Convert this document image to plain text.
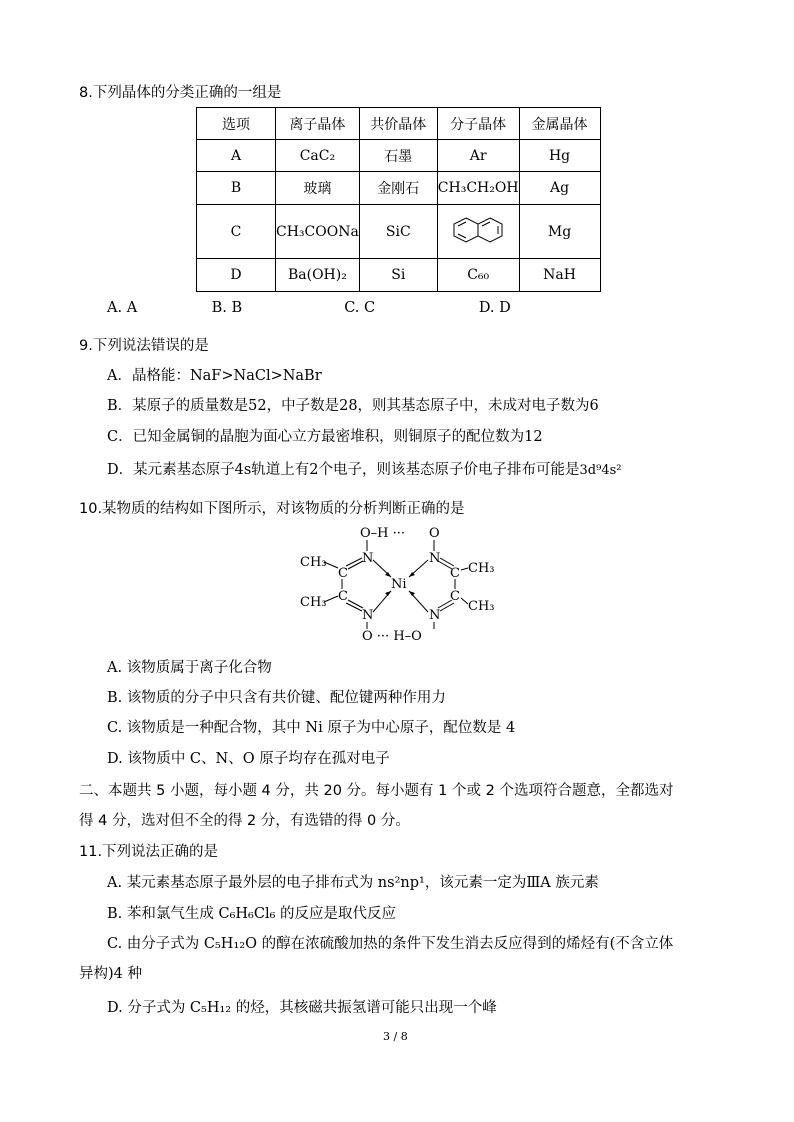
8.下列晶体的分类正确的一组是
选项	离子晶体	共价晶体	分子晶体	金属晶体
A	CaC₂	石墨	Ar	Hg
B	玻璃	金刚石	CH₃CH₂OH	Ag
C	CH₃COONa	SiC		Mg
D	Ba(OH)₂	Si	C₆₀	NaH
A. A	B. B	C. C	D. D
9.下列说法错误的是
A．晶格能：NaF>NaCl>NaBr
B．某原子的质量数是52，中子数是28，则其基态原子中，未成对电子数为6
C．已知金属铜的晶胞为面心立方最密堆积，则铜原子的配位数为12
D．某元素基态原子4s轨道上有2个电子，则该基态原子价电子排布可能是3d⁹4s²
10.某物质的结构如下图所示，对该物质的分析判断正确的是
O–H ··· O
N	N
CH₃
CH₃
C
C
Ni
C
C
CH₃
CH₃
N	N
O ··· H–O
A. 该物质属于离子化合物
B. 该物质的分子中只含有共价键、配位键两种作用力
C. 该物质是一种配合物，其中 Ni 原子为中心原子，配位数是 4
D. 该物质中 C、N、O 原子均存在孤对电子
二、本题共 5 小题，每小题 4 分，共 20 分。每小题有 1 个或 2 个选项符合题意，全都选对
得 4 分，选对但不全的得 2 分，有选错的得 0 分。
11.下列说法正确的是
A. 某元素基态原子最外层的电子排布式为 ns²np¹，该元素一定为ⅢA 族元素
B. 苯和氯气生成 C₆H₆Cl₆ 的反应是取代反应
C. 由分子式为 C₅H₁₂O 的醇在浓硫酸加热的条件下发生消去反应得到的烯烃有(不含立体
异构)4 种
D. 分子式为 C₅H₁₂ 的烃，其核磁共振氢谱可能只出现一个峰
3 / 8
